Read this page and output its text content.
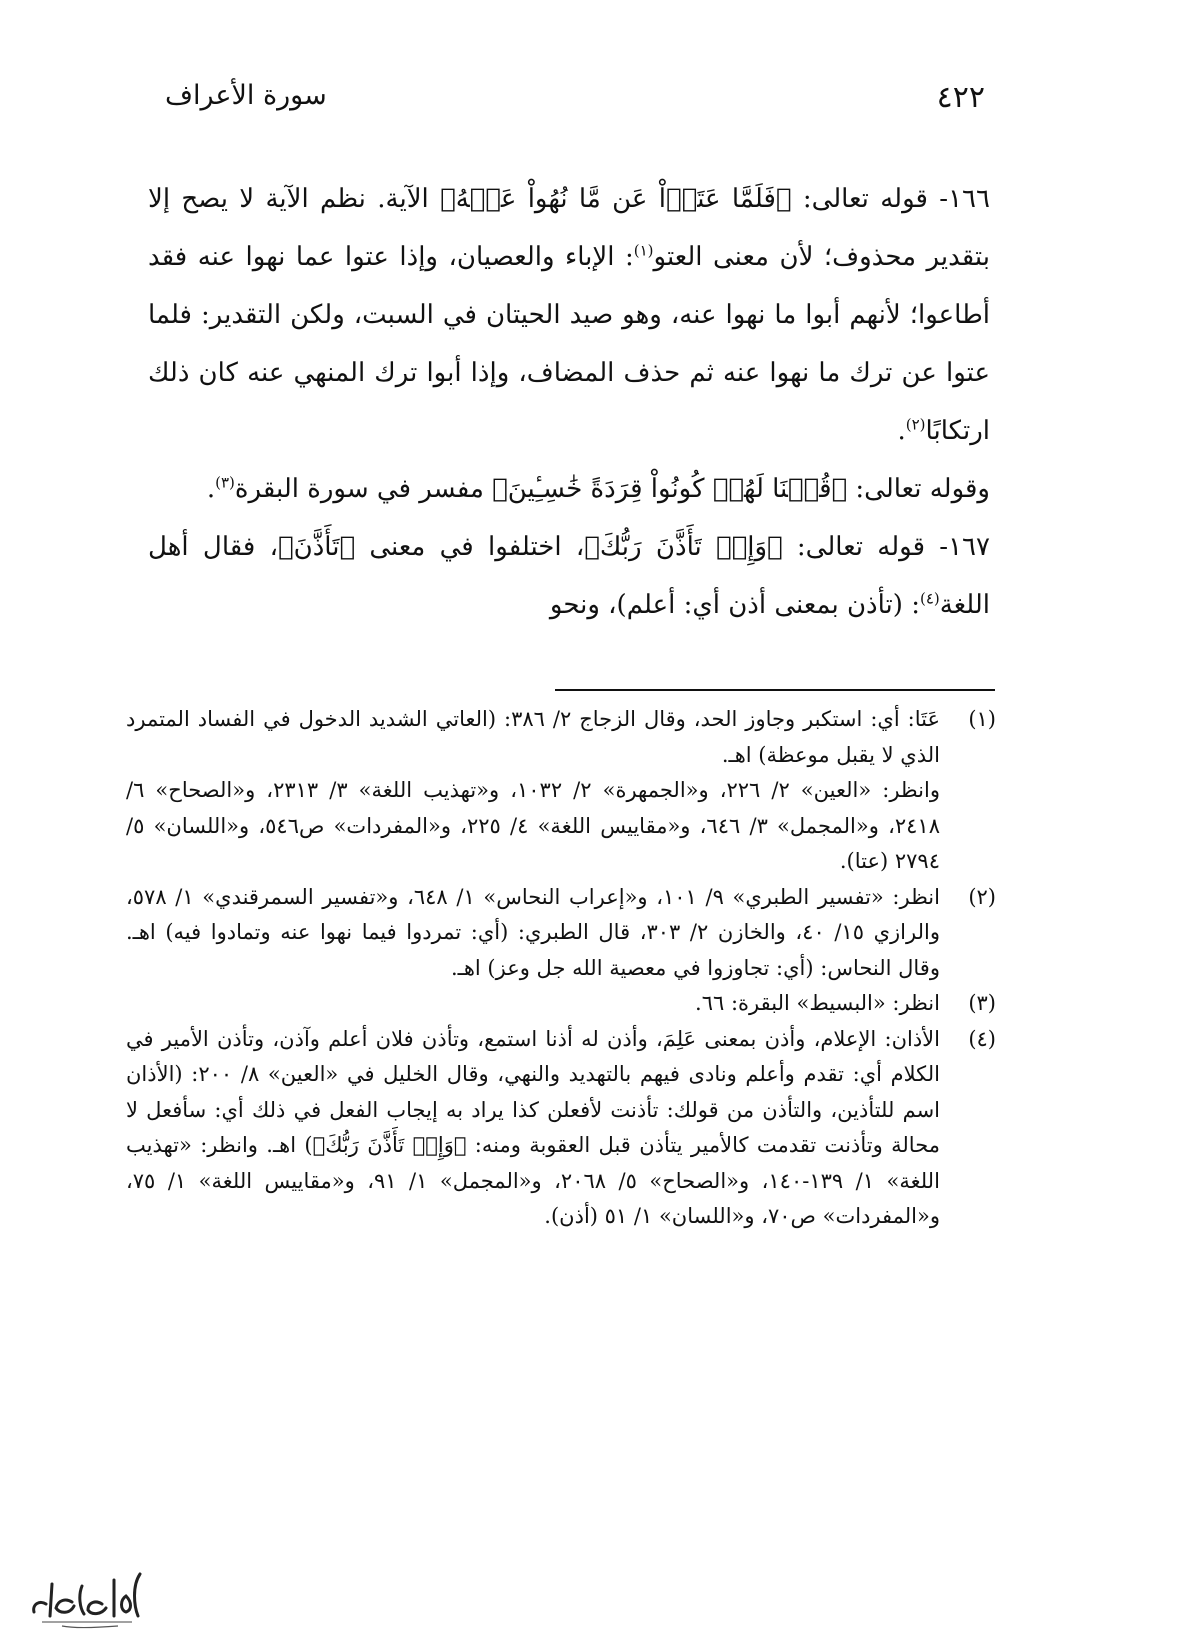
٤٢٢
سورة الأعراف

١٦٦- قوله تعالى: ﴿فَلَمَّا عَتَوۡاْ عَن مَّا نُهُواْ عَنۡهُ﴾ الآية. نظم الآية لا يصح إلا بتقدير محذوف؛ لأن معنى العتو$^{(١)}$: الإباء والعصيان، وإذا عتوا عما نهوا عنه فقد أطاعوا؛ لأنهم أبوا ما نهوا عنه، وهو صيد الحيتان في السبت، ولكن التقدير: فلما عتوا عن ترك ما نهوا عنه ثم حذف المضاف، وإذا أبوا ترك المنهي عنه كان ذلك ارتكابًا$^{(٢)}$.

وقوله تعالى: ﴿قُلۡنَا لَهُمۡ كُونُواْ قِرَدَةً خَٰسِـِٔينَ﴾ مفسر في سورة البقرة$^{(٣)}$.

١٦٧- قوله تعالى: ﴿وَإِذۡ تَأَذَّنَ رَبُّكَ﴾، اختلفوا في معنى ﴿تَأَذَّنَ﴾، فقال أهل اللغة$^{(٤)}$: (تأذن بمعنى أذن أي: أعلم)، ونحو

(١)

عَتَا: أي: استكبر وجاوز الحد، وقال الزجاج ٢/ ٣٨٦: (العاتي الشديد الدخول في الفساد المتمرد الذي لا يقبل موعظة) اهـ.

وانظر: «العين» ٢/ ٢٢٦، و«الجمهرة» ٢/ ١٠٣٢، و«تهذيب اللغة» ٣/ ٢٣١٣، و«الصحاح» ٦/ ٢٤١٨، و«المجمل» ٣/ ٦٤٦، و«مقاييس اللغة» ٤/ ٢٢٥، و«المفردات» ص٥٤٦، و«اللسان» ٥/ ٢٧٩٤ (عتا).

(٢)

انظر: «تفسير الطبري» ٩/ ١٠١، و«إعراب النحاس» ١/ ٦٤٨، و«تفسير السمرقندي» ١/ ٥٧٨، والرازي ١٥/ ٤٠، والخازن ٢/ ٣٠٣، قال الطبري: (أي: تمردوا فيما نهوا عنه وتمادوا فيه) اهـ. وقال النحاس: (أي: تجاوزوا في معصية الله جل وعز) اهـ.

(٣)

انظر: «البسيط» البقرة: ٦٦.

(٤)

الأذان: الإعلام، وأذن بمعنى عَلِمَ، وأذن له أذنا استمع، وتأذن فلان أعلم وآذن، وتأذن الأمير في الكلام أي: تقدم وأعلم ونادى فيهم بالتهديد والنهي، وقال الخليل في «العين» ٨/ ٢٠٠: (الأذان اسم للتأذين، والتأذن من قولك: تأذنت لأفعلن كذا يراد به إيجاب الفعل في ذلك أي: سأفعل لا محالة وتأذنت تقدمت كالأمير يتأذن قبل العقوبة ومنه: ﴿وَإِذۡ تَأَذَّنَ رَبُّكَ﴾) اهـ. وانظر: «تهذيب اللغة» ١/ ١٣٩-١٤٠، و«الصحاح» ٥/ ٢٠٦٨، و«المجمل» ١/ ٩١، و«مقاييس اللغة» ١/ ٧٥، و«المفردات» ص٧٠، و«اللسان» ١/ ٥١ (أذن).
